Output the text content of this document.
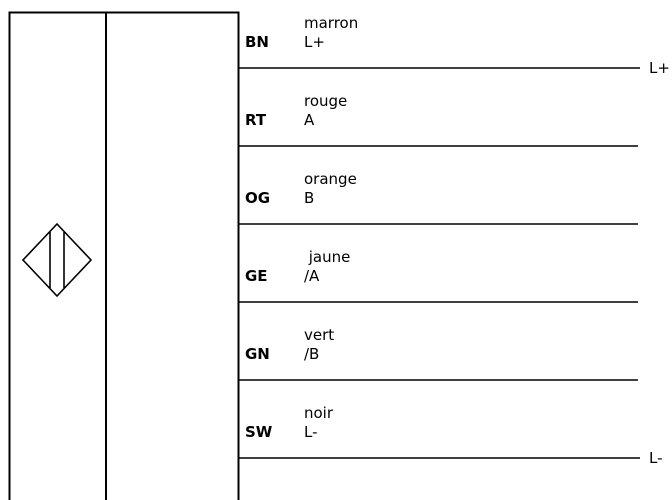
BN
marron
L+
L+
RT
rouge
A
OG
orange
B
GE
jaune
/A
GN
vert
/B
SW
noir
L-
L-
